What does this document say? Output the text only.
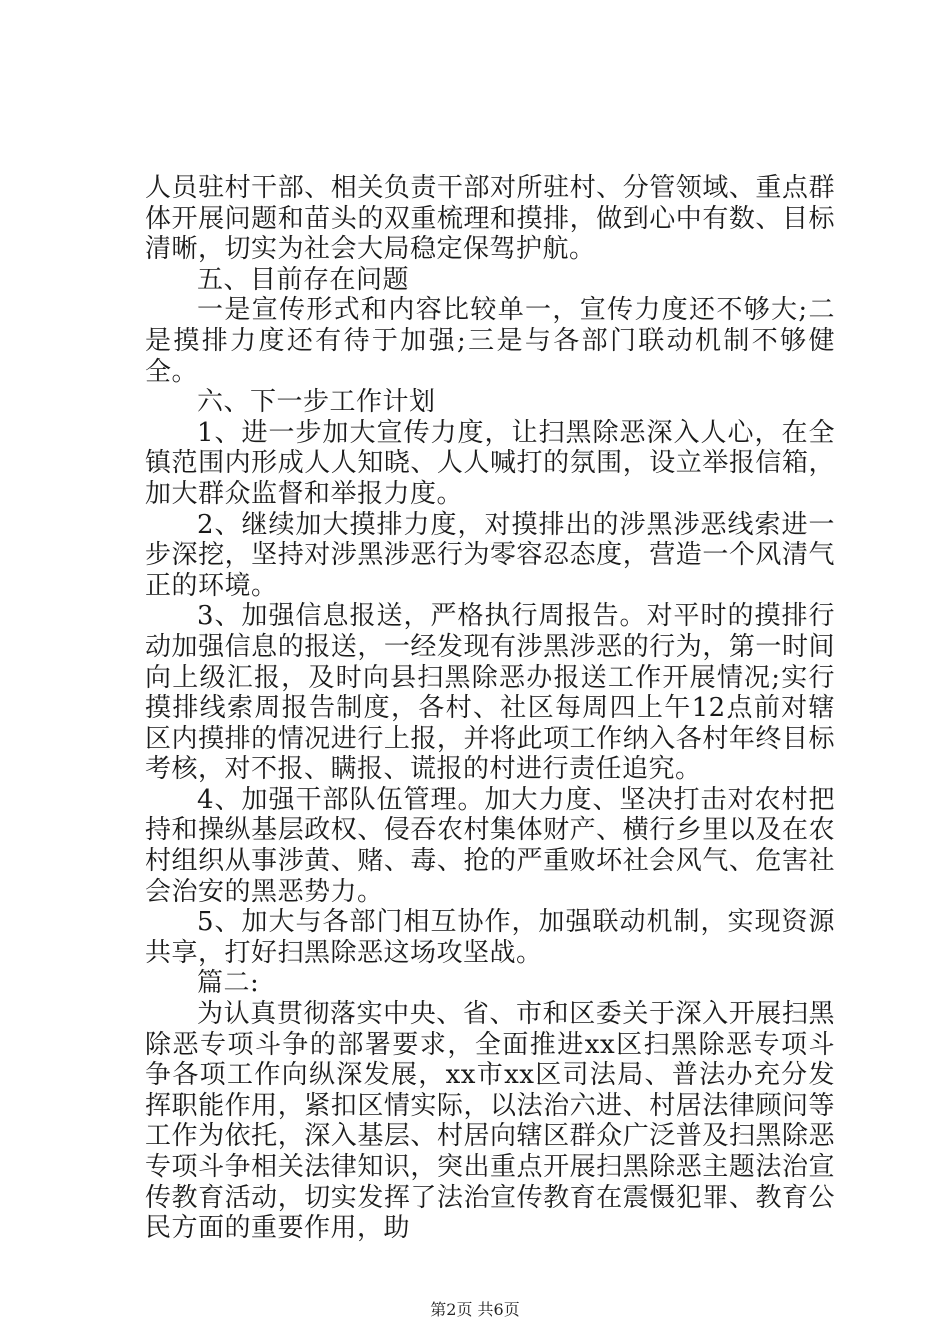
人员驻村干部、相关负责干部对所驻村、分管领域、重点群体开展问题和苗头的双重梳理和摸排，做到心中有数、目标清晰，切实为社会大局稳定保驾护航。

五、目前存在问题

一是宣传形式和内容比较单一，宣传力度还不够大;二是摸排力度还有待于加强;三是与各部门联动机制不够健全。

六、下一步工作计划

1、进一步加大宣传力度，让扫黑除恶深入人心，在全镇范围内形成人人知晓、人人喊打的氛围，设立举报信箱，加大群众监督和举报力度。

2、继续加大摸排力度，对摸排出的涉黑涉恶线索进一步深挖，坚持对涉黑涉恶行为零容忍态度，营造一个风清气正的环境。

3、加强信息报送，严格执行周报告。对平时的摸排行动加强信息的报送，一经发现有涉黑涉恶的行为，第一时间向上级汇报，及时向县扫黑除恶办报送工作开展情况;实行摸排线索周报告制度，各村、社区每周四上午12点前对辖区内摸排的情况进行上报，并将此项工作纳入各村年终目标考核，对不报、瞒报、谎报的村进行责任追究。

4、加强干部队伍管理。加大力度、坚决打击对农村把持和操纵基层政权、侵吞农村集体财产、横行乡里以及在农村组织从事涉黄、赌、毒、抢的严重败坏社会风气、危害社会治安的黑恶势力。

5、加大与各部门相互协作，加强联动机制，实现资源共享，打好扫黑除恶这场攻坚战。

篇二:

为认真贯彻落实中央、省、市和区委关于深入开展扫黑除恶专项斗争的部署要求，全面推进xx区扫黑除恶专项斗争各项工作向纵深发展，xx市xx区司法局、普法办充分发挥职能作用，紧扣区情实际，以法治六进、村居法律顾问等工作为依托，深入基层、村居向辖区群众广泛普及扫黑除恶专项斗争相关法律知识，突出重点开展扫黑除恶主题法治宣传教育活动，切实发挥了法治宣传教育在震慑犯罪、教育公民方面的重要作用，助

第2页 共6页
